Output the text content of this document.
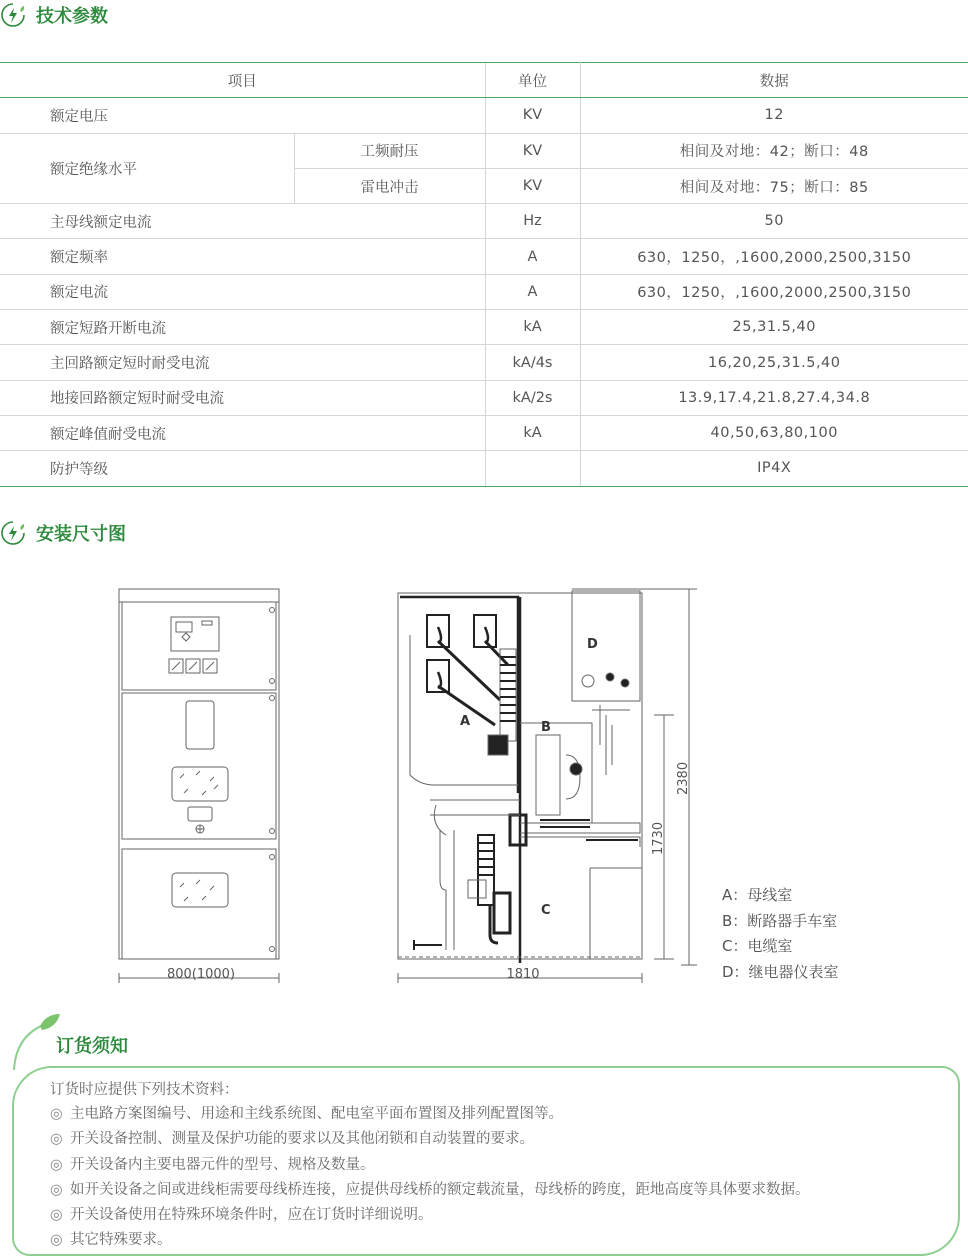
技术参数
项目		单位	数据
额定电压		KV	12
额定绝缘水平	工频耐压	KV	相间及对地：42；断口：48
	雷电冲击	KV	相间及对地：75；断口：85
主母线额定电流		Hz	50
额定频率		A	630，1250，,1600,2000,2500,3150
额定电流		A	630，1250，,1600,2000,2500,3150
额定短路开断电流		kA	25,31.5,40
主回路额定短时耐受电流		kA/4s	16,20,25,31.5,40
地接回路额定短时耐受电流		kA/2s	13.9,17.4,21.8,27.4,34.8
额定峰值耐受电流		kA	40,50,63,80,100
防护等级			IP4X
安装尺寸图
800(1000)	1810
2380
1730
A	B
C
D
A：母线室
B：断路器手车室
C：电缆室
D：继电器仪表室
订货须知
订货时应提供下列技术资料：
◎ 主电路方案图编号、用途和主线系统图、配电室平面布置图及排列配置图等。
◎ 开关设备控制、测量及保护功能的要求以及其他闭锁和自动装置的要求。
◎ 开关设备内主要电器元件的型号、规格及数量。
◎ 如开关设备之间或进线柜需要母线桥连接，应提供母线桥的额定载流量，母线桥的跨度，距地高度等具体要求数据。
◎ 开关设备使用在特殊环境条件时，应在订货时详细说明。
◎ 其它特殊要求。
